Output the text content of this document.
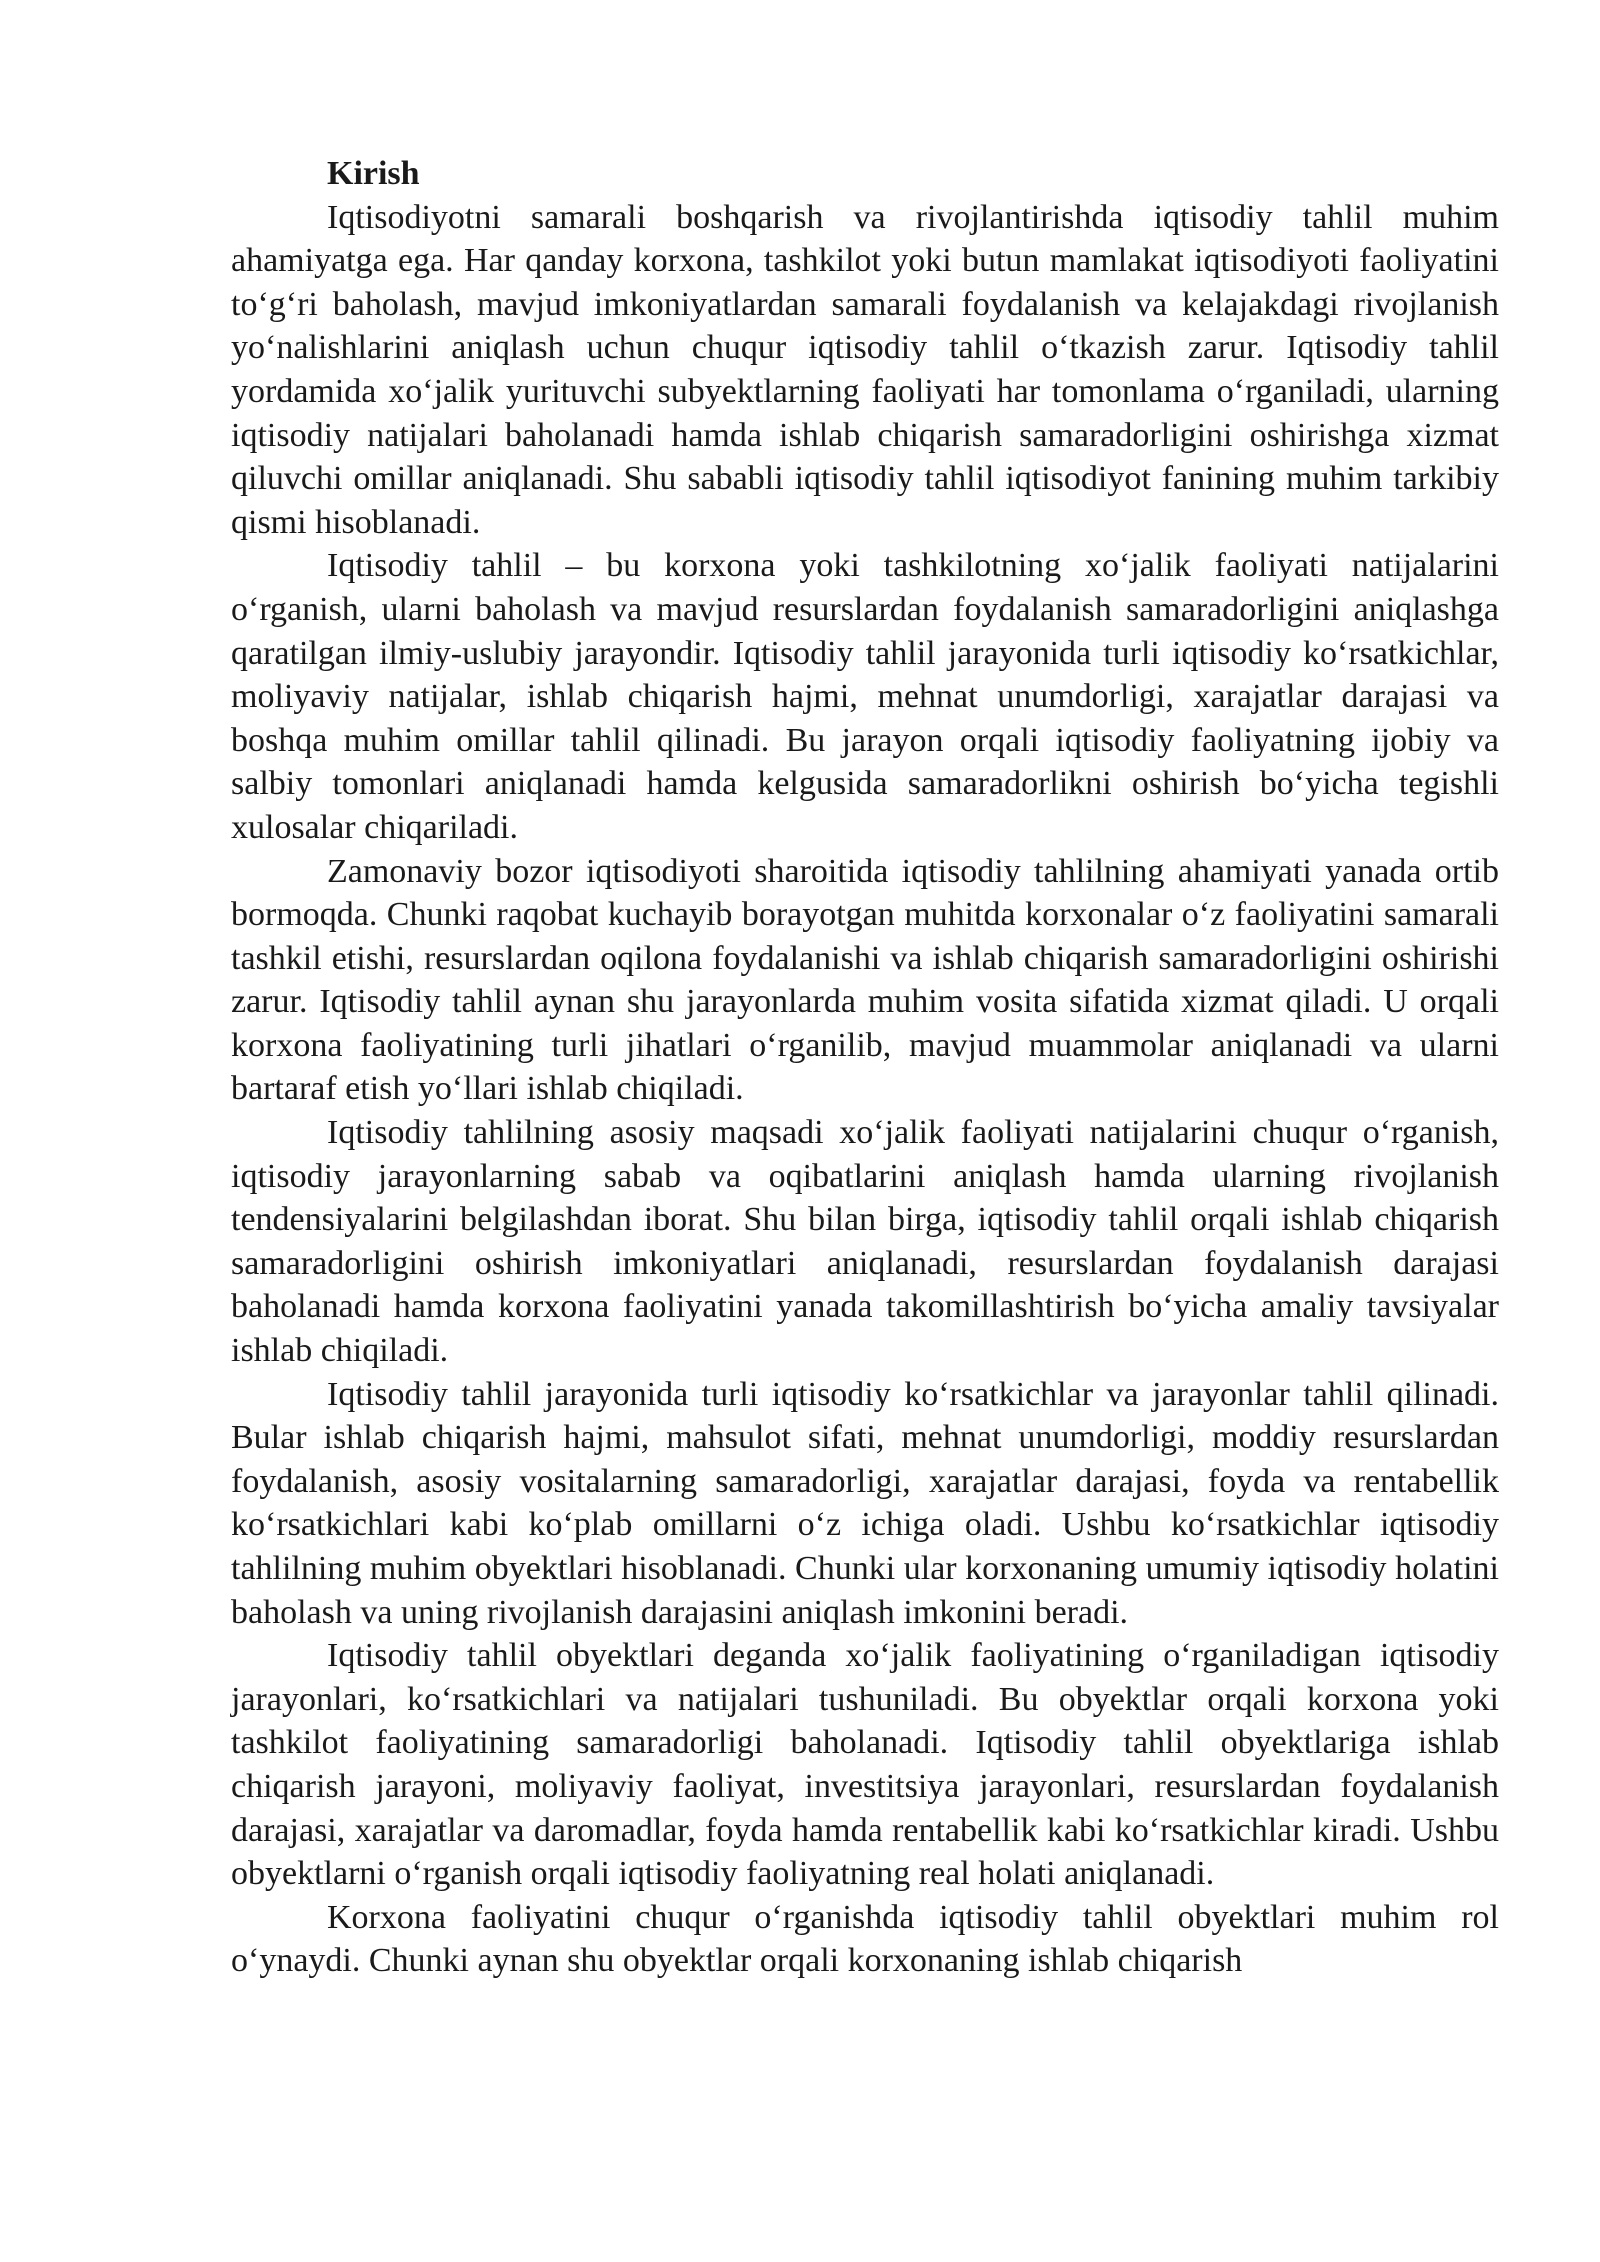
Kirish

Iqtisodiyotni samarali boshqarish va rivojlantirishda iqtisodiy tahlil muhim ahamiyatga ega. Har qanday korxona, tashkilot yoki butun mamlakat iqtisodiyoti faoliyatini to‘g‘ri baholash, mavjud imkoniyatlardan samarali foydalanish va kelajakdagi rivojlanish yo‘nalishlarini aniqlash uchun chuqur iqtisodiy tahlil o‘tkazish zarur. Iqtisodiy tahlil yordamida xo‘jalik yurituvchi subyektlarning faoliyati har tomonlama o‘rganiladi, ularning iqtisodiy natijalari baholanadi hamda ishlab chiqarish samaradorligini oshirishga xizmat qiluvchi omillar aniqlanadi. Shu sababli iqtisodiy tahlil iqtisodiyot fanining muhim tarkibiy qismi hisoblanadi.

Iqtisodiy tahlil – bu korxona yoki tashkilotning xo‘jalik faoliyati natijalarini o‘rganish, ularni baholash va mavjud resurslardan foydalanish samaradorligini aniqlashga qaratilgan ilmiy-uslubiy jarayondir. Iqtisodiy tahlil jarayonida turli iqtisodiy ko‘rsatkichlar, moliyaviy natijalar, ishlab chiqarish hajmi, mehnat unumdorligi, xarajatlar darajasi va boshqa muhim omillar tahlil qilinadi. Bu jarayon orqali iqtisodiy faoliyatning ijobiy va salbiy tomonlari aniqlanadi hamda kelgusida samaradorlikni oshirish bo‘yicha tegishli xulosalar chiqariladi.

Zamonaviy bozor iqtisodiyoti sharoitida iqtisodiy tahlilning ahamiyati yanada ortib bormoqda. Chunki raqobat kuchayib borayotgan muhitda korxonalar o‘z faoliyatini samarali tashkil etishi, resurslardan oqilona foydalanishi va ishlab chiqarish samaradorligini oshirishi zarur. Iqtisodiy tahlil aynan shu jarayonlarda muhim vosita sifatida xizmat qiladi. U orqali korxona faoliyatining turli jihatlari o‘rganilib, mavjud muammolar aniqlanadi va ularni bartaraf etish yo‘llari ishlab chiqiladi.

Iqtisodiy tahlilning asosiy maqsadi xo‘jalik faoliyati natijalarini chuqur o‘rganish, iqtisodiy jarayonlarning sabab va oqibatlarini aniqlash hamda ularning rivojlanish tendensiyalarini belgilashdan iborat. Shu bilan birga, iqtisodiy tahlil orqali ishlab chiqarish samaradorligini oshirish imkoniyatlari aniqlanadi, resurslardan foydalanish darajasi baholanadi hamda korxona faoliyatini yanada takomillashtirish bo‘yicha amaliy tavsiyalar ishlab chiqiladi.

Iqtisodiy tahlil jarayonida turli iqtisodiy ko‘rsatkichlar va jarayonlar tahlil qilinadi. Bular ishlab chiqarish hajmi, mahsulot sifati, mehnat unumdorligi, moddiy resurslardan foydalanish, asosiy vositalarning samaradorligi, xarajatlar darajasi, foyda va rentabellik ko‘rsatkichlari kabi ko‘plab omillarni o‘z ichiga oladi. Ushbu ko‘rsatkichlar iqtisodiy tahlilning muhim obyektlari hisoblanadi. Chunki ular korxonaning umumiy iqtisodiy holatini baholash va uning rivojlanish darajasini aniqlash imkonini beradi.

Iqtisodiy tahlil obyektlari deganda xo‘jalik faoliyatining o‘rganiladigan iqtisodiy jarayonlari, ko‘rsatkichlari va natijalari tushuniladi. Bu obyektlar orqali korxona yoki tashkilot faoliyatining samaradorligi baholanadi. Iqtisodiy tahlil obyektlariga ishlab chiqarish jarayoni, moliyaviy faoliyat, investitsiya jarayonlari, resurslardan foydalanish darajasi, xarajatlar va daromadlar, foyda hamda rentabellik kabi ko‘rsatkichlar kiradi. Ushbu obyektlarni o‘rganish orqali iqtisodiy faoliyatning real holati aniqlanadi.

Korxona faoliyatini chuqur o‘rganishda iqtisodiy tahlil obyektlari muhim rol o‘ynaydi. Chunki aynan shu obyektlar orqali korxonaning ishlab chiqarish
